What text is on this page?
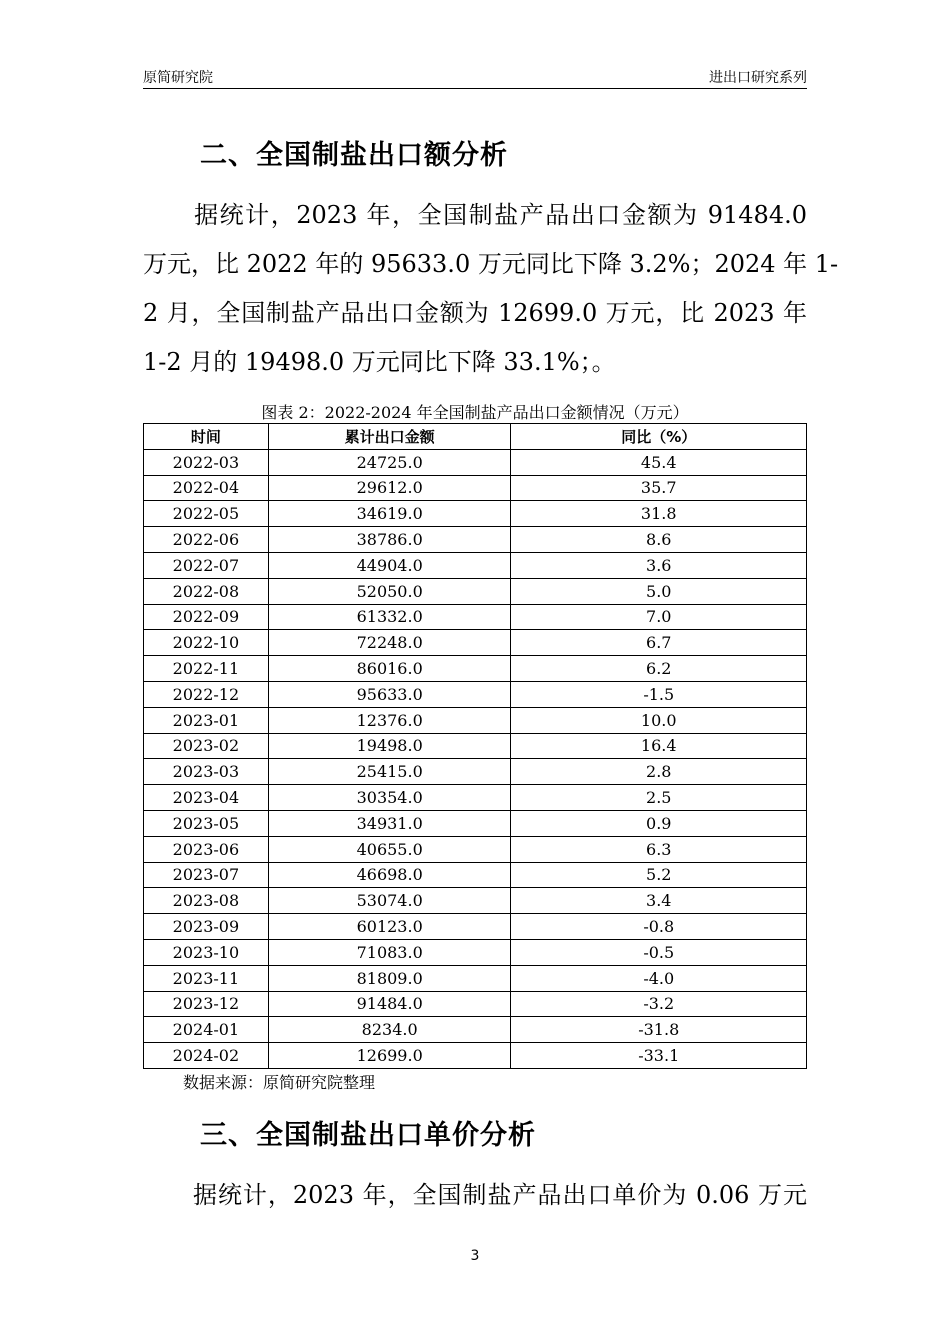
原简研究院	进出口研究系列
二、全国制盐出口额分析
　　据统计，2023 年，全国制盐产品出口金额为 91484.0
万元，比 2022 年的 95633.0 万元同比下降 3.2%；2024 年 1-
2 月，全国制盐产品出口金额为 12699.0 万元，比 2023 年
1-2 月的 19498.0 万元同比下降 33.1%；。
图表 2：2022-2024 年全国制盐产品出口金额情况（万元）
时间	累计出口金额	同比（%）
2022-03	24725.0	45.4
2022-04	29612.0	35.7
2022-05	34619.0	31.8
2022-06	38786.0	8.6
2022-07	44904.0	3.6
2022-08	52050.0	5.0
2022-09	61332.0	7.0
2022-10	72248.0	6.7
2022-11	86016.0	6.2
2022-12	95633.0	-1.5
2023-01	12376.0	10.0
2023-02	19498.0	16.4
2023-03	25415.0	2.8
2023-04	30354.0	2.5
2023-05	34931.0	0.9
2023-06	40655.0	6.3
2023-07	46698.0	5.2
2023-08	53074.0	3.4
2023-09	60123.0	-0.8
2023-10	71083.0	-0.5
2023-11	81809.0	-4.0
2023-12	91484.0	-3.2
2024-01	8234.0	-31.8
2024-02	12699.0	-33.1
数据来源：原简研究院整理
三、全国制盐出口单价分析
　　据统计，2023 年，全国制盐产品出口单价为 0.06 万元
3
